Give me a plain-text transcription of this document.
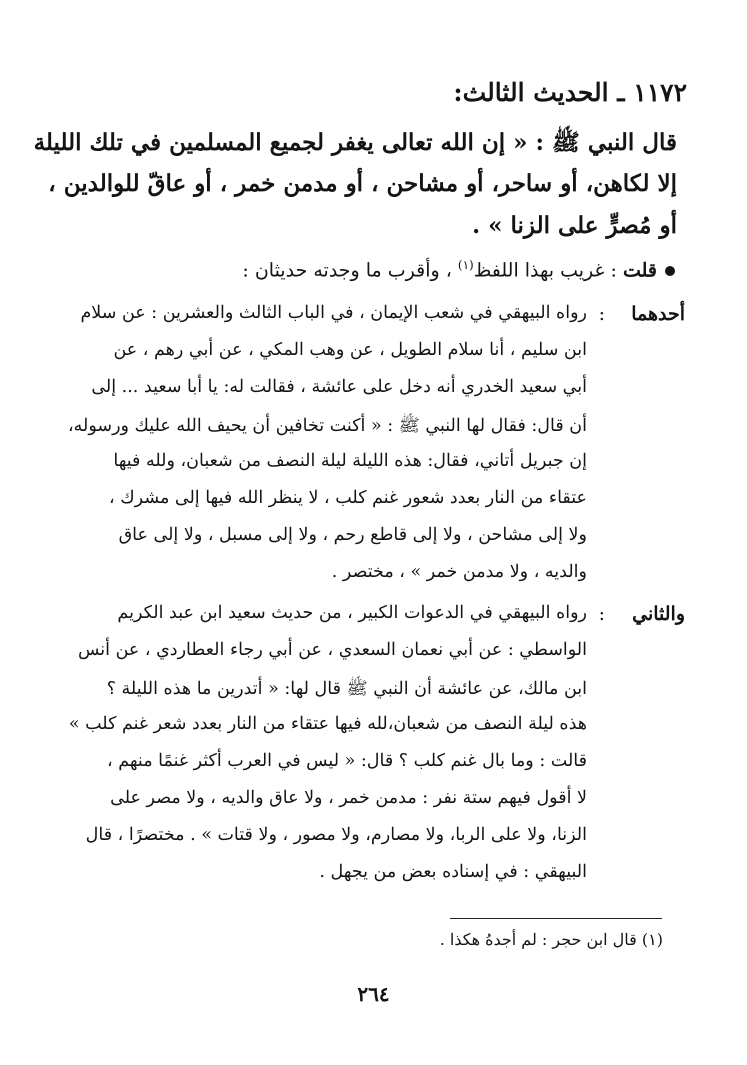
١١٧٢ ـ الحديث الثالث:
قال النبي ﷺ : « إن الله تعالى يغفر لجميع المسلمين في تلك الليلة
إلا لكاهن، أو ساحر، أو مشاحن ، أو مدمن خمر ، أو عاقّ للوالدين ،
أو مُصرٍّ على الزنا » .
قلت : غريب بهذا اللفظ$^{(١)}$ ، وأقرب ما وجدته حديثان :
أحدهما
:
رواه البيهقي في شعب الإيمان ، في الباب الثالث والعشرين : عن سلام
ابن سليم ، أنا سلام الطويل ، عن وهب المكي ، عن أبي رهم ، عن
أبي سعيد الخدري أنه دخل على عائشة ، فقالت له: يا أبا سعيد ... إلى
أن قال: فقال لها النبي ﷺ : « أكنت تخافين أن يحيف الله عليك ورسوله،
إن جبريل أتاني، فقال: هذه الليلة ليلة النصف من شعبان، ولله فيها
عتقاء من النار بعدد شعور غنم كلب ، لا ينظر الله فيها إلى مشرك ،
ولا إلى مشاحن ، ولا إلى قاطع رحم ، ولا إلى مسبل ، ولا إلى عاق
والديه ، ولا مدمن خمر » ، مختصر .
والثاني
:
رواه البيهقي في الدعوات الكبير ، من حديث سعيد ابن عبد الكريم
الواسطي : عن أبي نعمان السعدي ، عن أبي رجاء العطاردي ، عن أنس
ابن مالك، عن عائشة أن النبي ﷺ قال لها: « أتدرين ما هذه الليلة ؟
هذه ليلة النصف من شعبان،لله فيها عتقاء من النار بعدد شعر غنم كلب »
قالت : وما بال غنم كلب ؟ قال: « ليس في العرب أكثر غنمًا منهم ،
لا أقول فيهم ستة نفر : مدمن خمر ، ولا عاق والديه ، ولا مصر على
الزنا، ولا على الربا، ولا مصارم، ولا مصور ، ولا قتات » . مختصرًا ، قال
البيهقي : في إسناده بعض من يجهل .
(١) قال ابن حجر : لم أجدهُ هكذا .
٢٦٤
